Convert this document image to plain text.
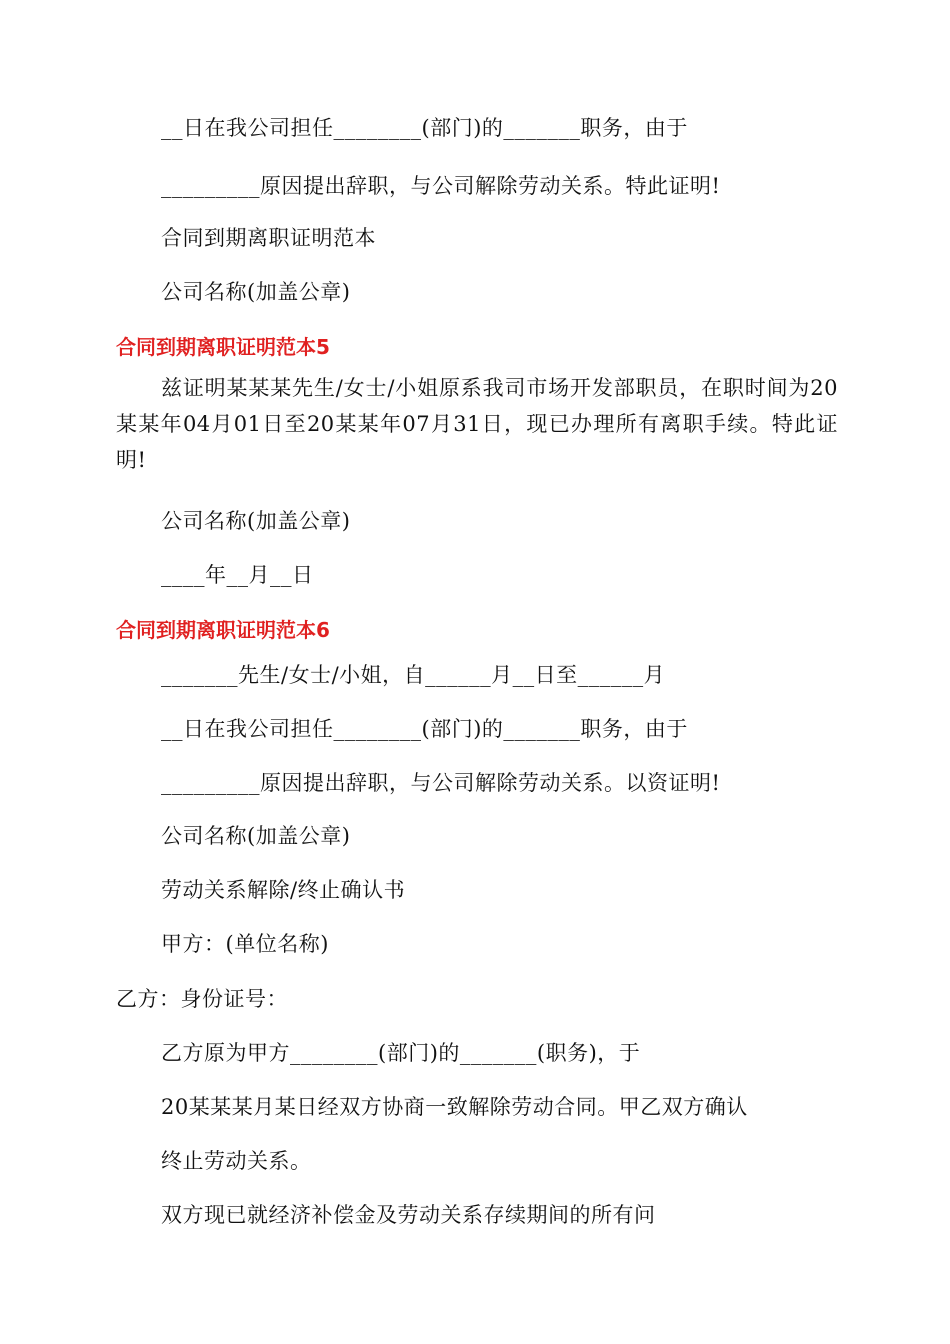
__日在我公司担任________(部门)的_______职务，由于
_________原因提出辞职，与公司解除劳动关系。特此证明!
合同到期离职证明范本
公司名称(加盖公章)
合同到期离职证明范本5
兹证明某某某先生/女士/小姐原系我司市场开发部职员，在职时间为20某某年04月01日至20某某年07月31日，现已办理所有离职手续。特此证明!
公司名称(加盖公章)
____年__月__日
合同到期离职证明范本6
_______先生/女士/小姐，自______月__日至______月
__日在我公司担任________(部门)的_______职务，由于
_________原因提出辞职，与公司解除劳动关系。以资证明!
公司名称(加盖公章)
劳动关系解除/终止确认书
甲方：(单位名称)
乙方：身份证号：
乙方原为甲方________(部门)的_______(职务)，于
20某某某月某日经双方协商一致解除劳动合同。甲乙双方确认
终止劳动关系。
双方现已就经济补偿金及劳动关系存续期间的所有问
